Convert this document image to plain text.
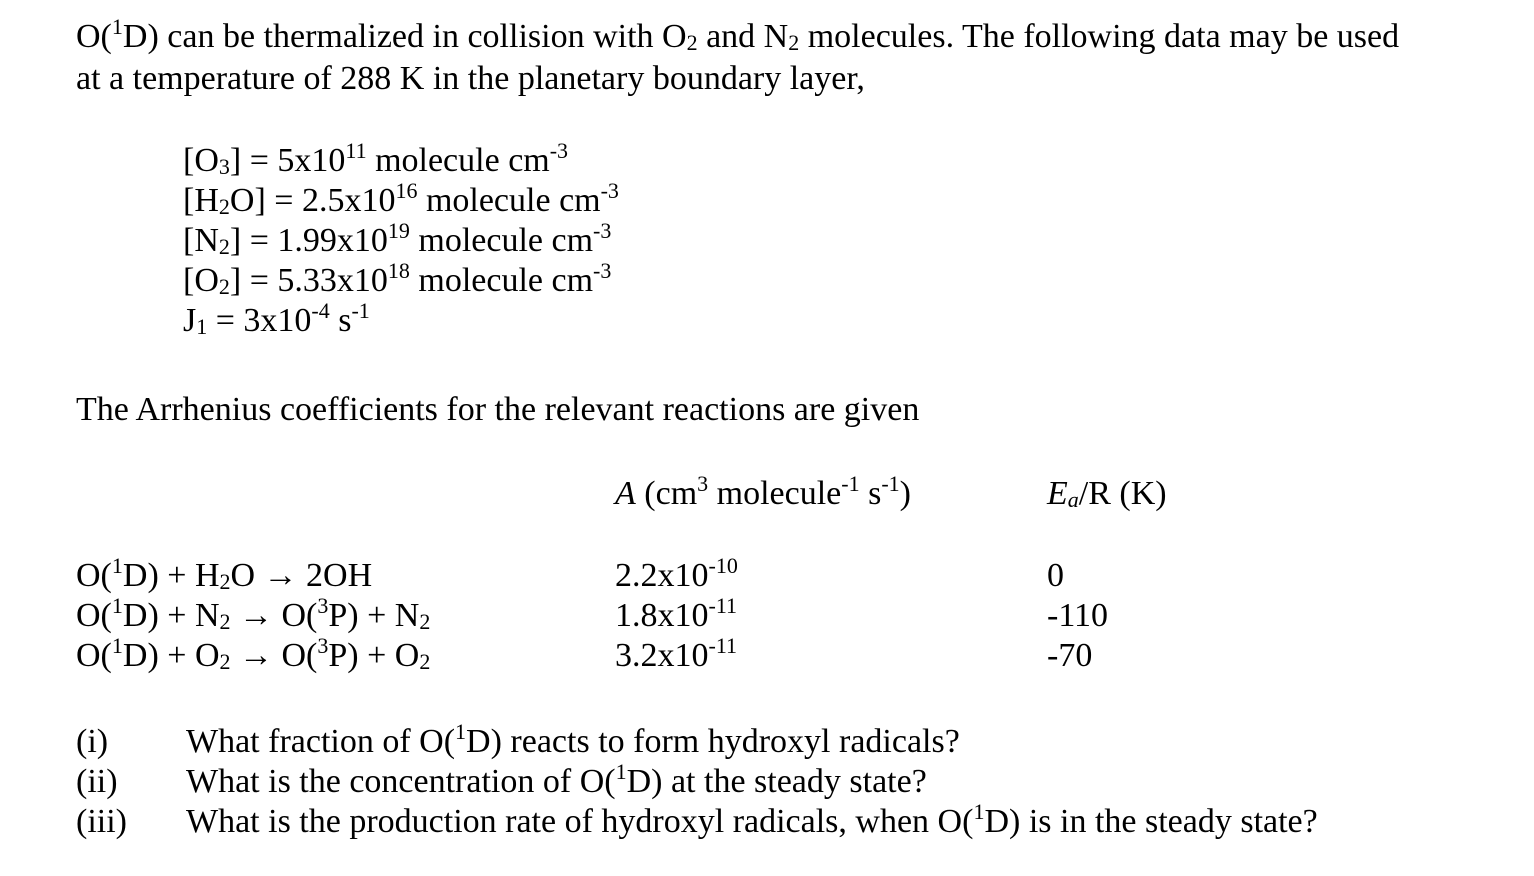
O($^1$D) can be thermalized in collision with $O_2$ and $N_2$ molecules. The following data may be used
at a temperature of 288 K in the planetary boundary layer,
$[O_3] = 5x10^{11}$ molecule $cm^{-3}$
$[H_2O] = 2.5x10^{16}$ molecule $cm^{-3}$
$[N_2] = 1.99x10^{19}$ molecule $cm^{-3}$
$[O_2] = 5.33x10^{18}$ molecule $cm^{-3}$
$J_1 = 3x10^{-4}$ $s^{-1}$
The Arrhenius coefficients for the relevant reactions are given
A ($cm^3$ molecule$^{-1}$ $s^{-1}$)	$E_a/R$ (K)
$O(^1D) + H_2O \to 2OH$
$O(^1D) + N_2 \to O(^3P) + N_2$
$O(^1D) + O_2 \to O(^3P) + O_2$
$2.2x10^{-10}$
$1.8x10^{-11}$
$3.2x10^{-11}$
0
-110
-70
(i)
(ii)
(iii)
What fraction of O($^1$D) reacts to form hydroxyl radicals?
What is the concentration of O($^1$D) at the steady state?
What is the production rate of hydroxyl radicals, when O($^1$D) is in the steady state?
